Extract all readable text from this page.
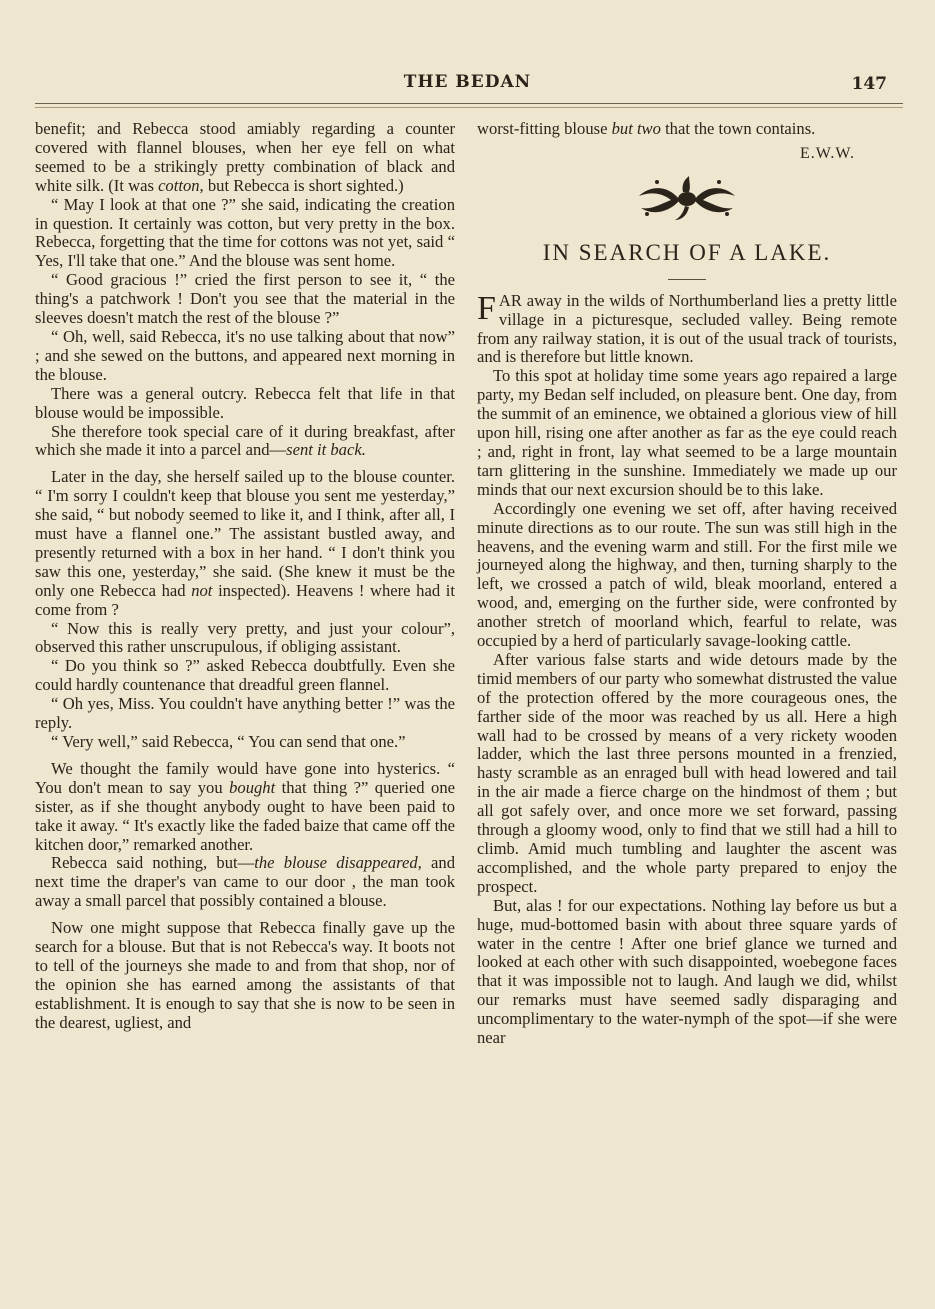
THE BEDAN	147

benefit; and Rebecca stood amiably regarding a counter covered with flannel blouses, when her eye fell on what seemed to be a strikingly pretty combination of black and white silk. (It was cotton, but Rebecca is short sighted.)

“ May I look at that one ?” she said, indicating the creation in question. It certainly was cotton, but very pretty in the box. Rebecca, forgetting that the time for cottons was not yet, said “ Yes, I'll take that one.” And the blouse was sent home.

“ Good gracious !” cried the first person to see it, “ the thing's a patchwork ! Don't you see that the material in the sleeves doesn't match the rest of the blouse ?”

“ Oh, well, said Rebecca, it's no use talking about that now” ; and she sewed on the buttons, and appeared next morning in the blouse.

There was a general outcry. Rebecca felt that life in that blouse would be impossible.

She therefore took special care of it during breakfast, after which she made it into a parcel and—sent it back.

Later in the day, she herself sailed up to the blouse counter. “ I'm sorry I couldn't keep that blouse you sent me yesterday,” she said, “ but nobody seemed to like it, and I think, after all, I must have a flannel one.” The assistant bustled away, and presently returned with a box in her hand. “ I don't think you saw this one, yesterday,” she said. (She knew it must be the only one Rebecca had not inspected). Heavens ! where had it come from ?

“ Now this is really very pretty, and just your colour”, observed this rather unscrupulous, if obliging assistant.

“ Do you think so ?” asked Rebecca doubtfully. Even she could hardly countenance that dreadful green flannel.

“ Oh yes, Miss. You couldn't have anything better !” was the reply.

“ Very well,” said Rebecca, “ You can send that one.”

We thought the family would have gone into hysterics. “ You don't mean to say you bought that thing ?” queried one sister, as if she thought anybody ought to have been paid to take it away. “ It's exactly like the faded baize that came off the kitchen door,” remarked another.

Rebecca said nothing, but—the blouse disappeared, and next time the draper's van came to our door , the man took away a small parcel that possibly contained a blouse.

Now one might suppose that Rebecca finally gave up the search for a blouse. But that is not Rebecca's way. It boots not to tell of the journeys she made to and from that shop, nor of the opinion she has earned among the assistants of that establishment. It is enough to say that she is now to be seen in the dearest, ugliest, and

worst-fitting blouse but two that the town contains.

E.W.W.
IN SEARCH OF A LAKE.

FAR away in the wilds of Northumberland lies a pretty little village in a picturesque, secluded valley. Being remote from any railway station, it is out of the usual track of tourists, and is therefore but little known.

To this spot at holiday time some years ago repaired a large party, my Bedan self included, on pleasure bent. One day, from the summit of an eminence, we obtained a glorious view of hill upon hill, rising one after another as far as the eye could reach ; and, right in front, lay what seemed to be a large mountain tarn glittering in the sunshine. Immediately we made up our minds that our next excursion should be to this lake.

Accordingly one evening we set off, after having received minute directions as to our route. The sun was still high in the heavens, and the evening warm and still. For the first mile we journeyed along the highway, and then, turning sharply to the left, we crossed a patch of wild, bleak moorland, entered a wood, and, emerging on the further side, were confronted by another stretch of moorland which, fearful to relate, was occupied by a herd of particularly savage-looking cattle.

After various false starts and wide detours made by the timid members of our party who somewhat distrusted the value of the protection offered by the more courageous ones, the farther side of the moor was reached by us all. Here a high wall had to be crossed by means of a very rickety wooden ladder, which the last three persons mounted in a frenzied, hasty scramble as an enraged bull with head lowered and tail in the air made a fierce charge on the hindmost of them ; but all got safely over, and once more we set forward, passing through a gloomy wood, only to find that we still had a hill to climb. Amid much tumbling and laughter the ascent was accomplished, and the whole party prepared to enjoy the prospect.

But, alas ! for our expectations. Nothing lay before us but a huge, mud-bottomed basin with about three square yards of water in the centre ! After one brief glance we turned and looked at each other with such disappointed, woebegone faces that it was impossible not to laugh. And laugh we did, whilst our remarks must have seemed sadly disparaging and uncomplimentary to the water-nymph of the spot—if she were near
